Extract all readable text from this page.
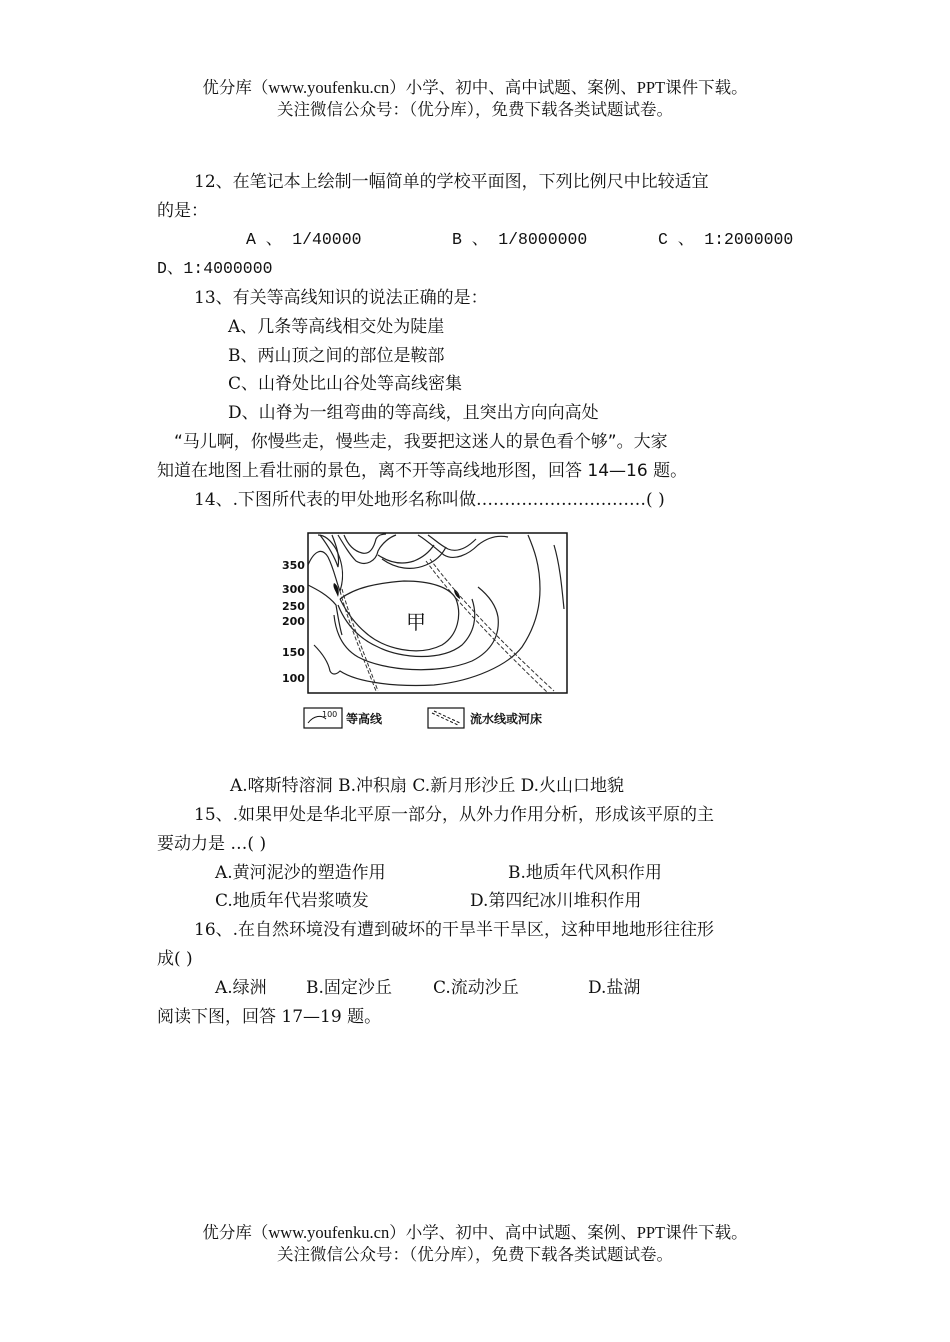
优分库（www.youfenku.cn）小学、初中、高中试题、案例、PPT课件下载。
关注微信公众号：（优分库），免费下载各类试题试卷。
12、在笔记本上绘制一幅简单的学校平面图，下列比例尺中比较适宜
的是：
A 、 1/40000	B 、 1/8000000	C 、 1:2000000
D、1:4000000
13、有关等高线知识的说法正确的是：
A、几条等高线相交处为陡崖
B、两山顶之间的部位是鞍部
C、山脊处比山谷处等高线密集
D、山脊为一组弯曲的等高线，且突出方向向高处
“马儿啊，你慢些走，慢些走，我要把这迷人的景色看个够”。大家
知道在地图上看壮丽的景色，离不开等高线地形图，回答 14—16 题。
14、.下图所代表的甲处地形名称叫做…………………………( )
350
300
250
200
150
100
甲
100 等高线	流水线或河床
A.喀斯特溶洞 B.冲积扇 C.新月形沙丘 D.火山口地貌
15、.如果甲处是华北平原一部分，从外力作用分析，形成该平原的主
要动力是 …( )
A.黄河泥沙的塑造作用	B.地质年代风积作用
C.地质年代岩浆喷发	D.第四纪冰川堆积作用
16、.在自然环境没有遭到破坏的干旱半干旱区，这种甲地地形往往形
成( )
A.绿洲 B.固定沙丘 C.流动沙丘	D.盐湖
阅读下图，回答 17—19 题。
优分库（www.youfenku.cn）小学、初中、高中试题、案例、PPT课件下载。
关注微信公众号：（优分库），免费下载各类试题试卷。
